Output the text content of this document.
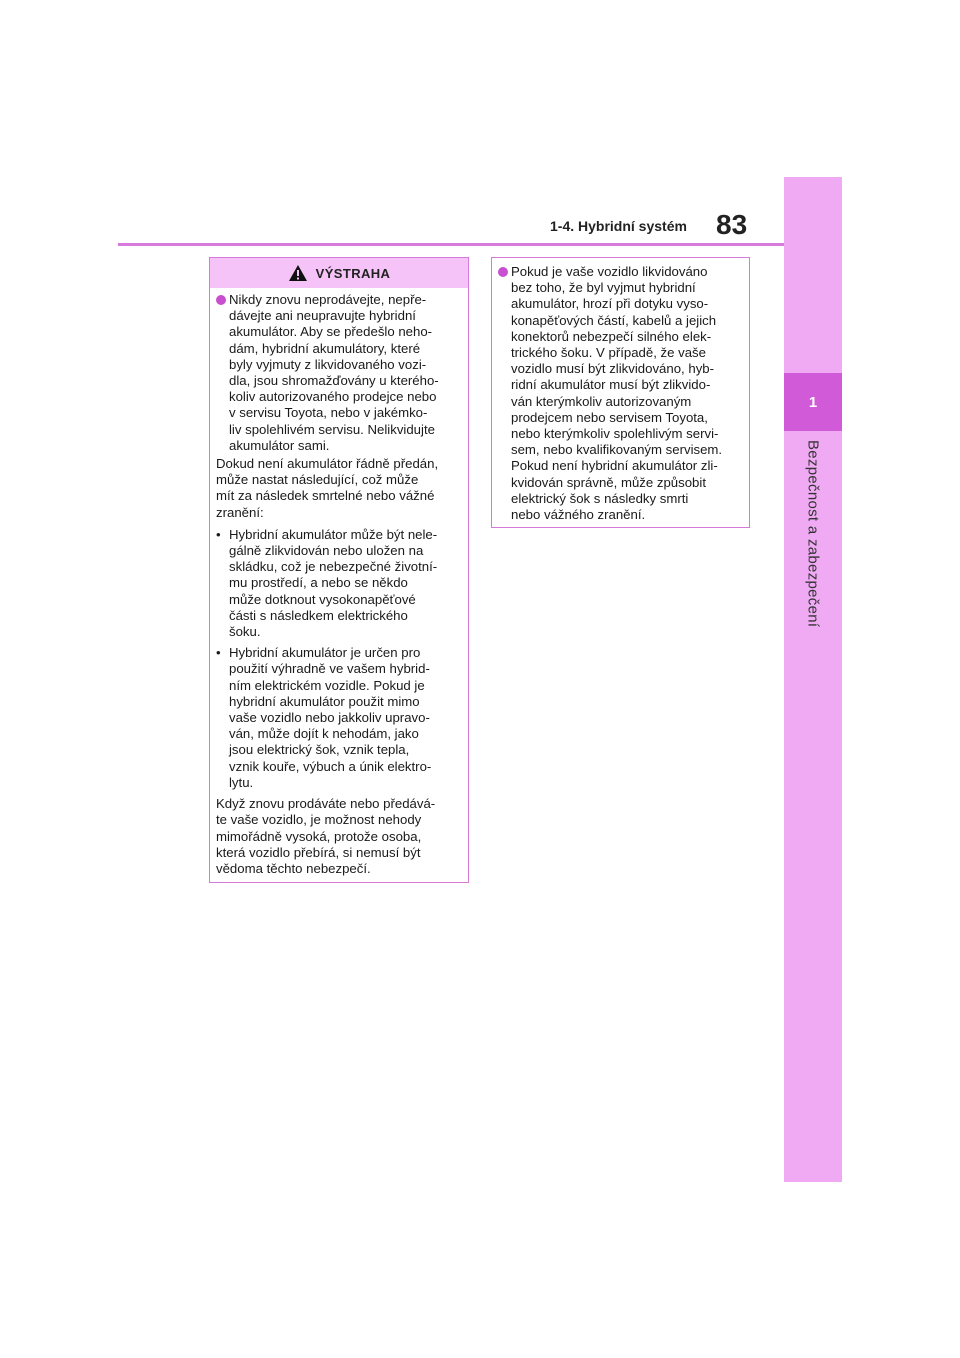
1
Bezpečnost a zabezpečení
1-4. Hybridní systém 83
VÝSTRAHA
Nikdy znovu neprodávejte, nepře-
dávejte ani neupravujte hybridní
akumulátor. Aby se předešlo neho-
dám, hybridní akumulátory, které
byly vyjmuty z likvidovaného vozi-
dla, jsou shromažďovány u kterého-
koliv autorizovaného prodejce nebo
v servisu Toyota, nebo v jakémko-
liv spolehlivém servisu. Nelikvidujte
akumulátor sami.
Dokud není akumulátor řádně předán,
může nastat následující, což může
mít za následek smrtelné nebo vážné
zranění:
• Hybridní akumulátor může být nele-
gálně zlikvidován nebo uložen na
skládku, což je nebezpečné životní-
mu prostředí, a nebo se někdo
může dotknout vysokonapěťové
části s následkem elektrického
šoku.
• Hybridní akumulátor je určen pro
použití výhradně ve vašem hybrid-
ním elektrickém vozidle. Pokud je
hybridní akumulátor použit mimo
vaše vozidlo nebo jakkoliv upravo-
ván, může dojít k nehodám, jako
jsou elektrický šok, vznik tepla,
vznik kouře, výbuch a únik elektro-
lytu.
Když znovu prodáváte nebo předává-
te vaše vozidlo, je možnost nehody
mimořádně vysoká, protože osoba,
která vozidlo přebírá, si nemusí být
vědoma těchto nebezpečí.
Pokud je vaše vozidlo likvidováno
bez toho, že byl vyjmut hybridní
akumulátor, hrozí při dotyku vyso-
konapěťových částí, kabelů a jejich
konektorů nebezpečí silného elek-
trického šoku. V případě, že vaše
vozidlo musí být zlikvidováno, hyb-
ridní akumulátor musí být zlikvido-
ván kterýmkoliv autorizovaným
prodejcem nebo servisem Toyota,
nebo kterýmkoliv spolehlivým servi-
sem, nebo kvalifikovaným servisem.
Pokud není hybridní akumulátor zli-
kvidován správně, může způsobit
elektrický šok s následky smrti
nebo vážného zranění.
